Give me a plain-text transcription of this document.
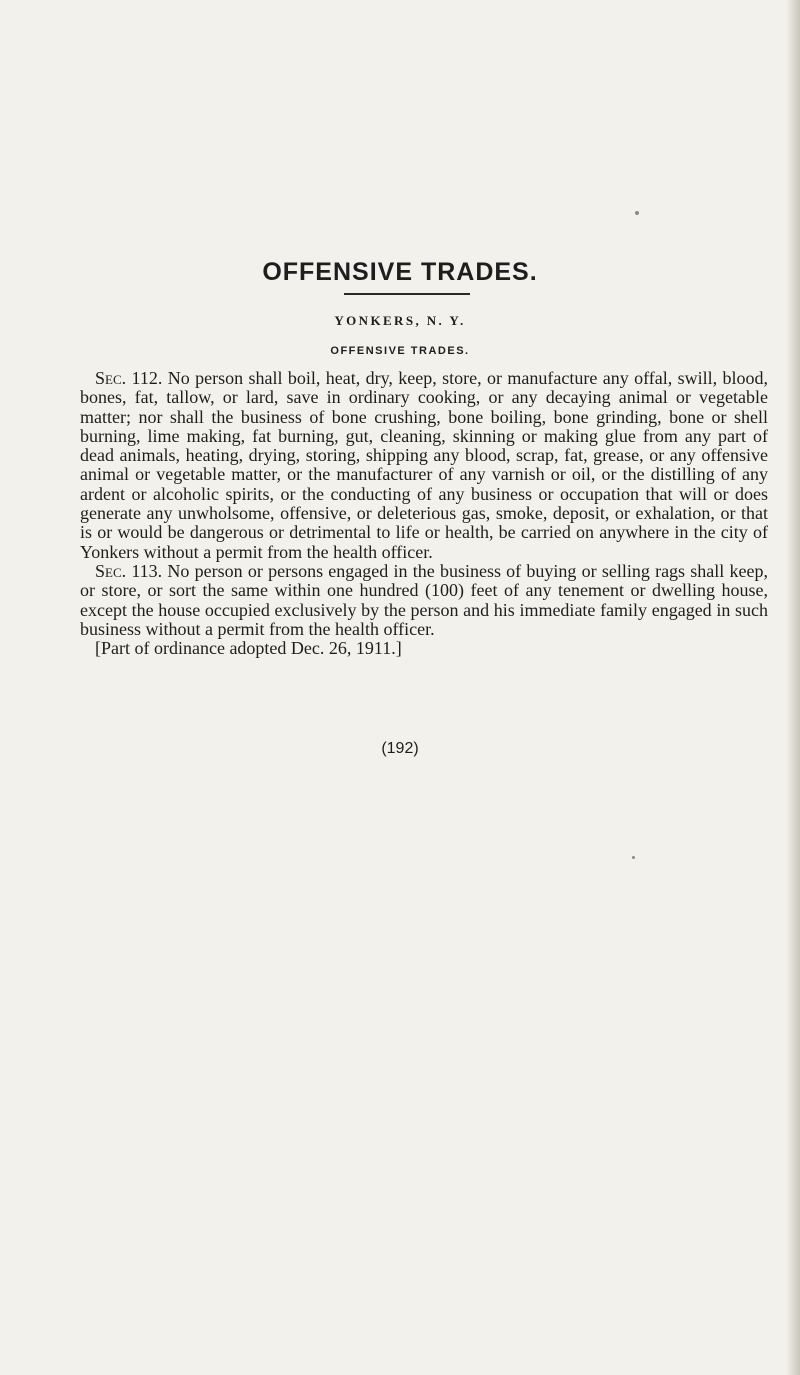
OFFENSIVE TRADES.
YONKERS, N. Y.
OFFENSIVE TRADES.

Sec. 112. No person shall boil, heat, dry, keep, store, or manufacture any offal, swill, blood, bones, fat, tallow, or lard, save in ordinary cooking, or any decaying animal or vegetable matter; nor shall the business of bone crushing, bone boiling, bone grinding, bone or shell burning, lime making, fat burning, gut, cleaning, skinning or making glue from any part of dead animals, heating, drying, storing, shipping any blood, scrap, fat, grease, or any offensive animal or vegetable matter, or the manufacturer of any varnish or oil, or the distilling of any ardent or alcoholic spirits, or the conducting of any business or occupation that will or does generate any unwholsome, offensive, or deleterious gas, smoke, deposit, or exhalation, or that is or would be dangerous or detrimental to life or health, be carried on anywhere in the city of Yonkers without a permit from the health officer.

Sec. 113. No person or persons engaged in the business of buying or selling rags shall keep, or store, or sort the same within one hundred (100) feet of any tenement or dwelling house, except the house occupied exclusively by the person and his immediate family engaged in such business without a permit from the health officer.

[Part of ordinance adopted Dec. 26, 1911.]

(192)
